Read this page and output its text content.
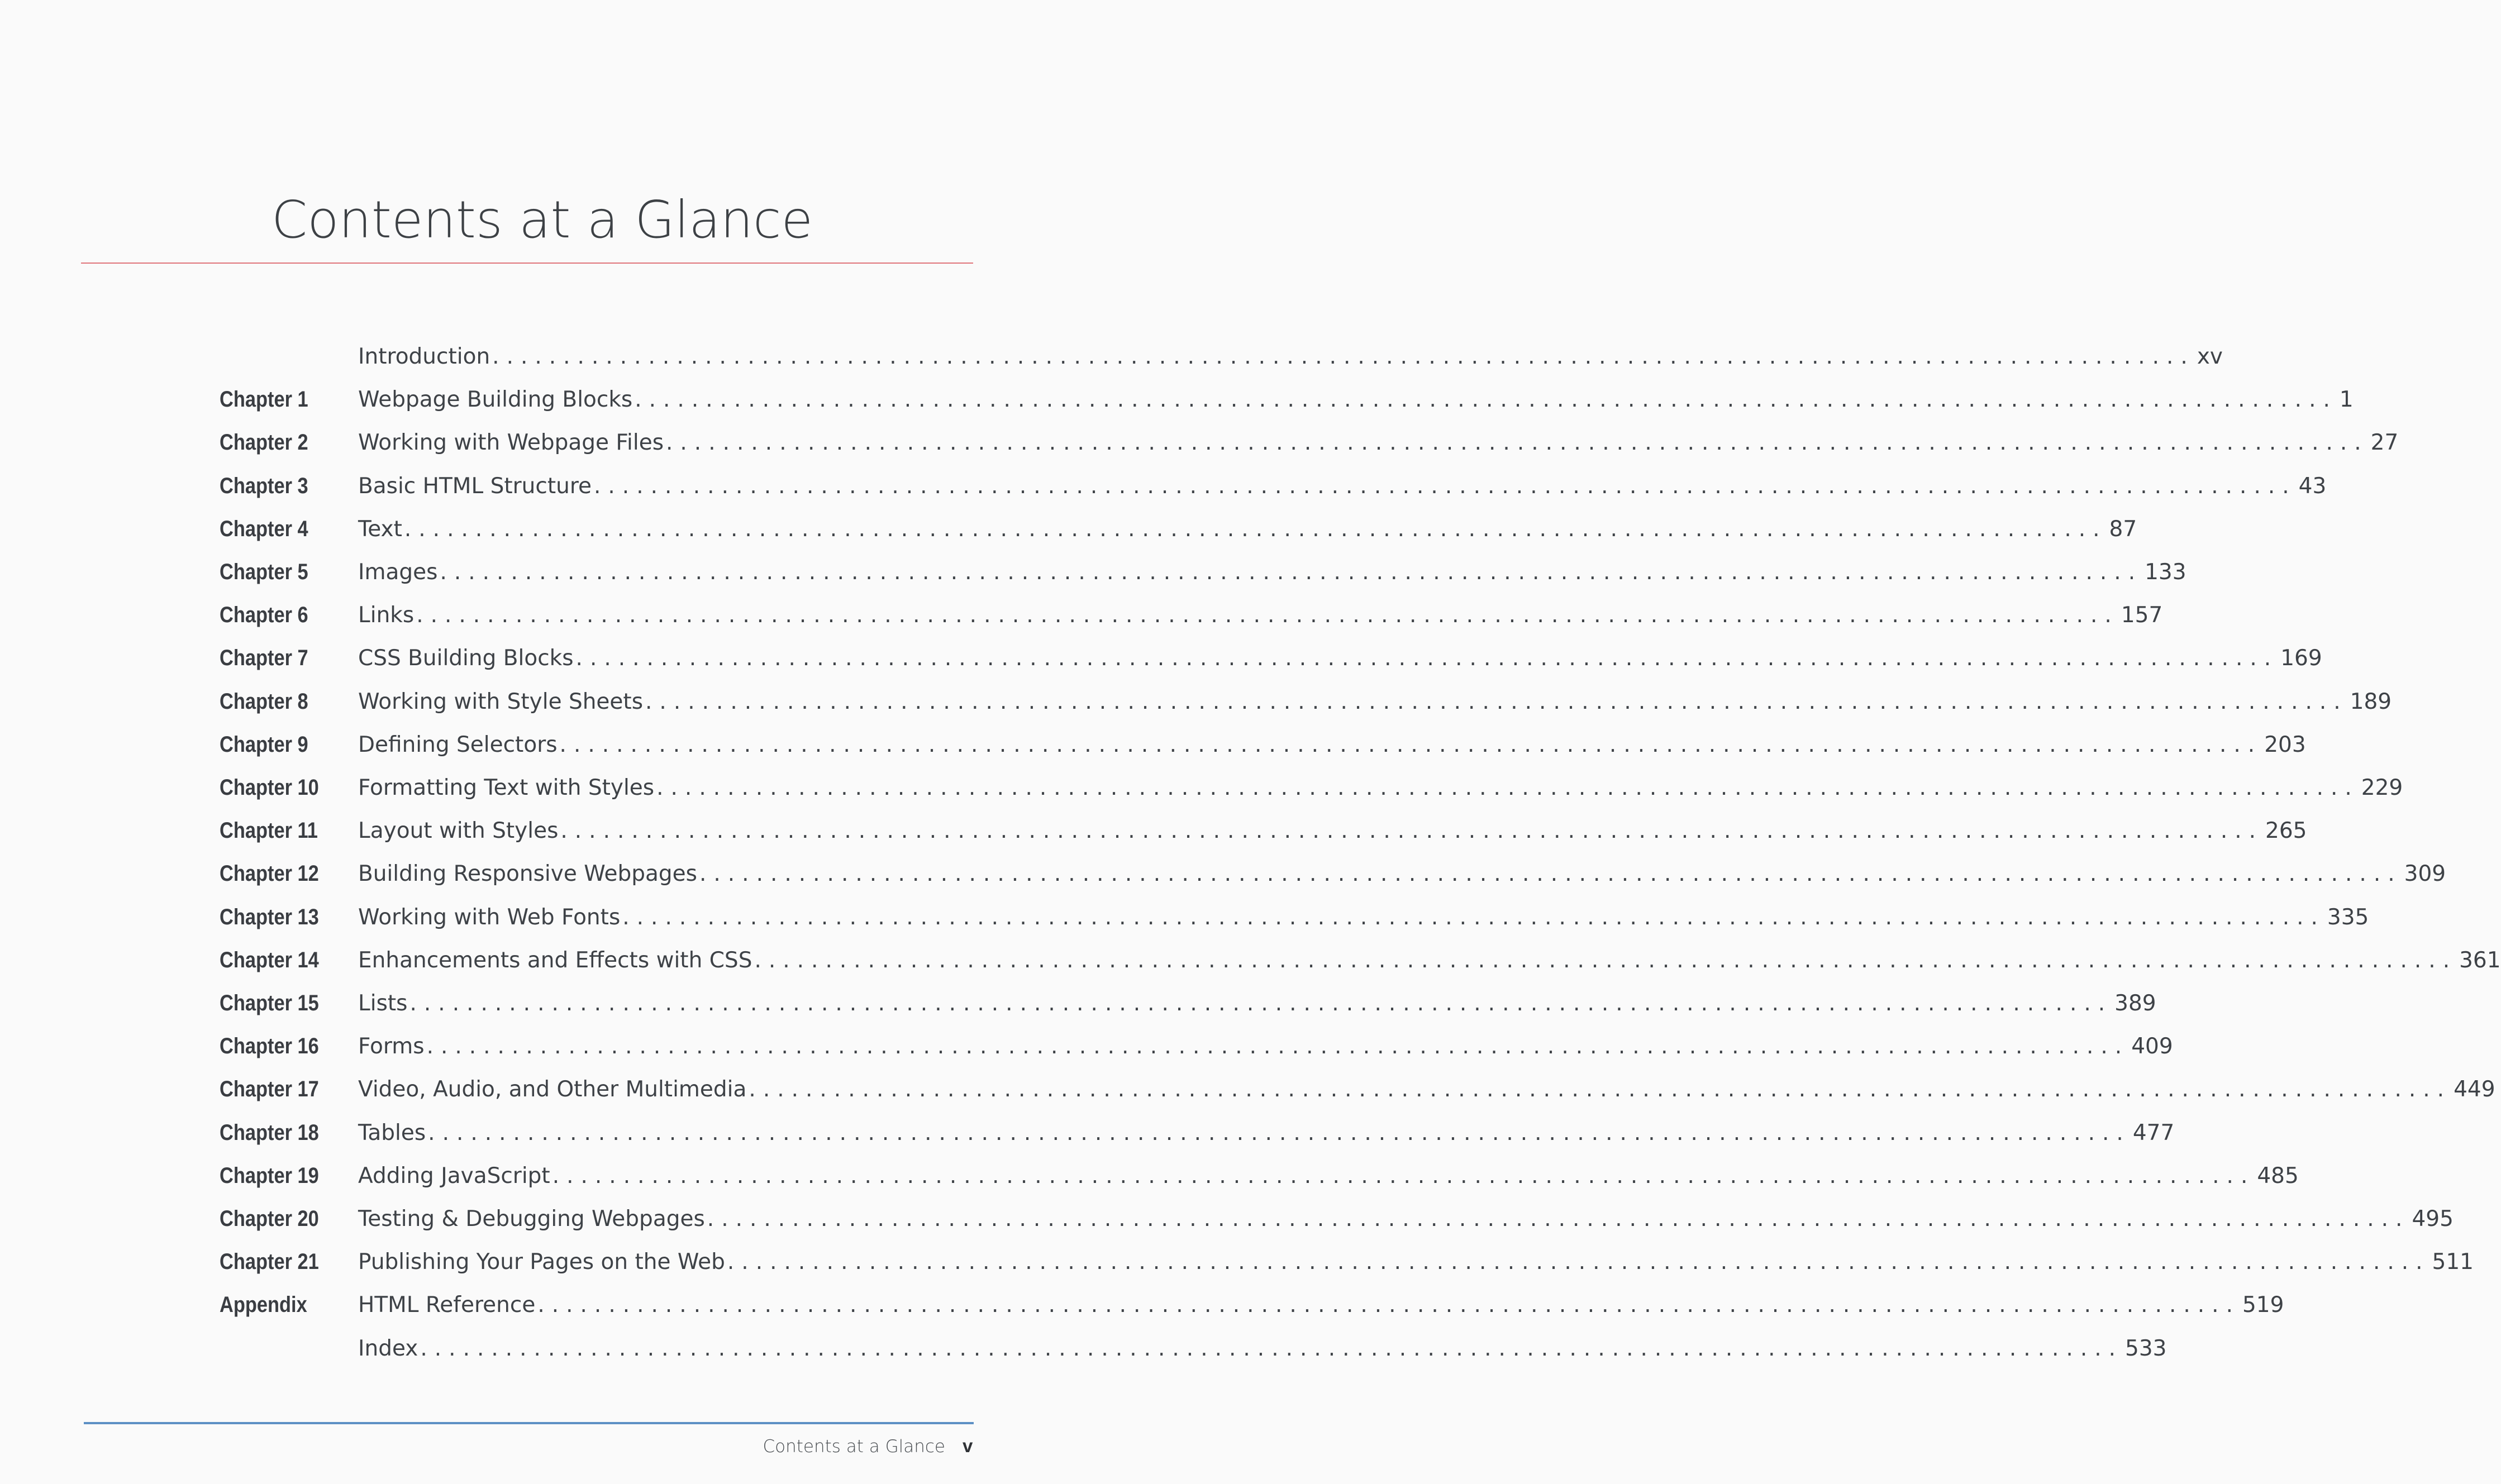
Contents at a Glance
Introduction ........................................................................................................................ xv
Chapter 1 Webpage Building Blocks ........................................................................................................................ 1
Chapter 2 Working with Webpage Files ........................................................................................................................ 27
Chapter 3 Basic HTML Structure ........................................................................................................................ 43
Chapter 4 Text ........................................................................................................................ 87
Chapter 5 Images ........................................................................................................................ 133
Chapter 6 Links ........................................................................................................................ 157
Chapter 7 CSS Building Blocks ........................................................................................................................ 169
Chapter 8 Working with Style Sheets ........................................................................................................................ 189
Chapter 9 Defining Selectors ........................................................................................................................ 203
Chapter 10 Formatting Text with Styles ........................................................................................................................ 229
Chapter 11 Layout with Styles ........................................................................................................................ 265
Chapter 12 Building Responsive Webpages ........................................................................................................................ 309
Chapter 13 Working with Web Fonts ........................................................................................................................ 335
Chapter 14 Enhancements and Effects with CSS ........................................................................................................................ 361
Chapter 15 Lists ........................................................................................................................ 389
Chapter 16 Forms ........................................................................................................................ 409
Chapter 17 Video, Audio, and Other Multimedia ........................................................................................................................ 449
Chapter 18 Tables ........................................................................................................................ 477
Chapter 19 Adding JavaScript ........................................................................................................................ 485
Chapter 20 Testing & Debugging Webpages ........................................................................................................................ 495
Chapter 21 Publishing Your Pages on the Web ........................................................................................................................ 511
Appendix HTML Reference ........................................................................................................................ 519
Index ........................................................................................................................ 533
Contents at a Glance v
